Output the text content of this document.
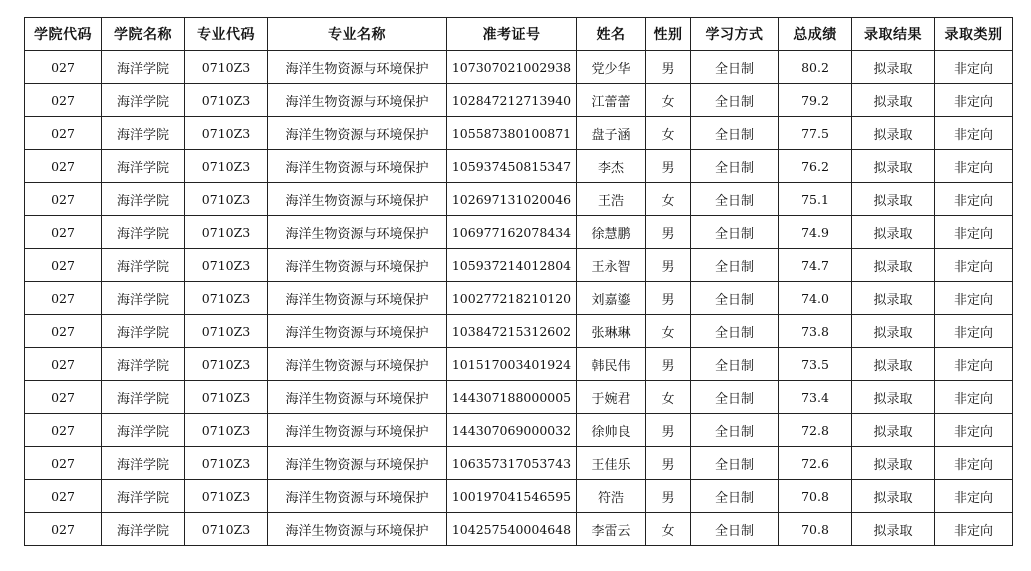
学院代码	学院名称	专业代码	专业名称	准考证号	姓名	性别	学习方式	总成绩	录取结果	录取类别
027	海洋学院	0710Z3	海洋生物资源与环境保护	107307021002938	党少华	男	全日制	80.2	拟录取	非定向
027	海洋学院	0710Z3	海洋生物资源与环境保护	102847212713940	江蕾蕾	女	全日制	79.2	拟录取	非定向
027	海洋学院	0710Z3	海洋生物资源与环境保护	105587380100871	盘子涵	女	全日制	77.5	拟录取	非定向
027	海洋学院	0710Z3	海洋生物资源与环境保护	105937450815347	李杰	男	全日制	76.2	拟录取	非定向
027	海洋学院	0710Z3	海洋生物资源与环境保护	102697131020046	王浩	女	全日制	75.1	拟录取	非定向
027	海洋学院	0710Z3	海洋生物资源与环境保护	106977162078434	徐慧鹏	男	全日制	74.9	拟录取	非定向
027	海洋学院	0710Z3	海洋生物资源与环境保护	105937214012804	王永智	男	全日制	74.7	拟录取	非定向
027	海洋学院	0710Z3	海洋生物资源与环境保护	100277218210120	刘嘉鎏	男	全日制	74.0	拟录取	非定向
027	海洋学院	0710Z3	海洋生物资源与环境保护	103847215312602	张琳琳	女	全日制	73.8	拟录取	非定向
027	海洋学院	0710Z3	海洋生物资源与环境保护	101517003401924	韩民伟	男	全日制	73.5	拟录取	非定向
027	海洋学院	0710Z3	海洋生物资源与环境保护	144307188000005	于婉君	女	全日制	73.4	拟录取	非定向
027	海洋学院	0710Z3	海洋生物资源与环境保护	144307069000032	徐帅良	男	全日制	72.8	拟录取	非定向
027	海洋学院	0710Z3	海洋生物资源与环境保护	106357317053743	王佳乐	男	全日制	72.6	拟录取	非定向
027	海洋学院	0710Z3	海洋生物资源与环境保护	100197041546595	符浩	男	全日制	70.8	拟录取	非定向
027	海洋学院	0710Z3	海洋生物资源与环境保护	104257540004648	李雷云	女	全日制	70.8	拟录取	非定向
